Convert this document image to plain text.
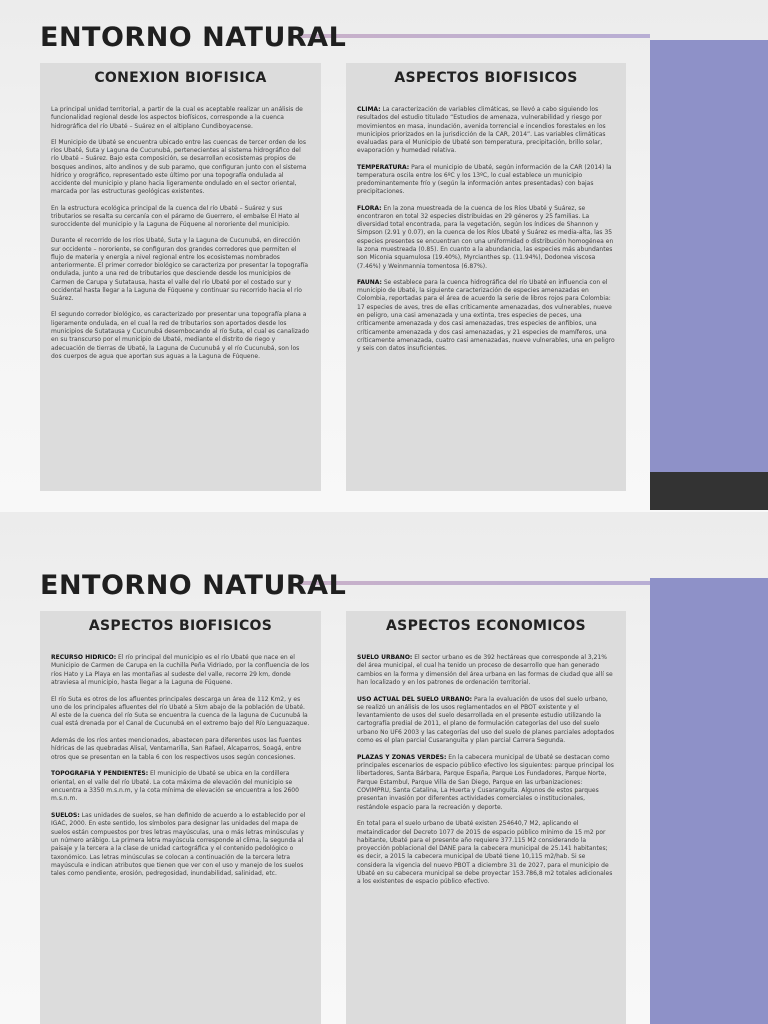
ENTORNO NATURAL
CONEXION BIOFISICA

La principal unidad territorial, a partir de la cual es aceptable realizar un análisis de funcionalidad regional desde los aspectos biofísicos, corresponde a la cuenca hidrográfica del río Ubaté – Suárez en el altiplano Cundiboyacense.

El Municipio de Ubaté se encuentra ubicado entre las cuencas de tercer orden de los ríos Ubaté, Suta y Laguna de Cucunubá, pertenecientes al sistema hidrográfico del río Ubaté – Suárez. Bajo esta composición, se desarrollan ecosistemas propios de bosques andinos, alto andinos y de sub paramo, que configuran junto con el sistema hídrico y orográfico, representado este último por una topografía ondulada al accidente del municipio y plano hacia ligeramente ondulado en el sector oriental, marcada por las estructuras geológicas existentes.

En la estructura ecológica principal de la cuenca del río Ubaté – Suárez y sus tributarios se resalta su cercanía con el páramo de Guerrero, el embalse El Hato al suroccidente del municipio y la Laguna de Fúquene al nororiente del municipio.

Durante el recorrido de los ríos Ubaté, Suta y la Laguna de Cucunubá, en dirección sur occidente – nororiente, se configuran dos grandes corredores que permiten el flujo de materia y energía a nivel regional entre los ecosistemas nombrados anteriormente. El primer corredor biológico se caracteriza por presentar la topografía ondulada, junto a una red de tributarios que desciende desde los municipios de Carmen de Carupa y Sutatausa, hasta el valle del río Ubaté por el costado sur y occidental hasta llegar a la Laguna de Fúquene y continuar su recorrido hacia el río Suárez.

El segundo corredor biológico, es caracterizado por presentar una topografía plana a ligeramente ondulada, en el cual la red de tributarios son aportados desde los municipios de Sutatausa y Cucunubá desembocando al río Suta, el cual es canalizado en su transcurso por el municipio de Ubaté, mediante el distrito de riego y adecuación de tierras de Ubaté, la Laguna de Cucunubá y el río Cucunubá, son los dos cuerpos de agua que aportan sus aguas a la Laguna de Fúquene.

ASPECTOS BIOFISICOS

CLIMA: La caracterización de variables climáticas, se llevó a cabo siguiendo los resultados del estudio titulado “Estudios de amenaza, vulnerabilidad y riesgo por movimientos en masa, inundación, avenida torrencial e incendios forestales en los municipios priorizados en la jurisdicción de la CAR, 2014”. Las variables climáticas evaluadas para el Municipio de Ubaté son temperatura, precipitación, brillo solar, evaporación y humedad relativa.

TEMPERATURA: Para el municipio de Ubaté, según información de la CAR (2014) la temperatura oscila entre los 6ºC y los 13ºC, lo cual establece un municipio predominantemente frío y (según la información antes presentadas) con bajas precipitaciones.

FLORA: En la zona muestreada de la cuenca de los Ríos Ubaté y Suárez, se encontraron en total 32 especies distribuidas en 29 géneros y 25 familias. La diversidad total encontrada, para la vegetación, según los índices de Shannon y Simpson (2.91 y 0.07), en la cuenca de los Ríos Ubaté y Suárez es media-alta, las 35 especies presentes se encuentran con una uniformidad o distribución homogénea en la zona muestreada (0.85). En cuanto a la abundancia, las especies más abundantes son Miconia squamulosa (19.40%), Myrcianthes sp. (11.94%), Dodonea viscosa (7.46%) y Weinmannia tomentosa (6.87%).

FAUNA: Se establece para la cuenca hidrográfica del río Ubaté en influencia con el municipio de Ubaté, la siguiente caracterización de especies amenazadas en Colombia, reportadas para el área de acuerdo la serie de libros rojos para Colombia: 17 especies de aves, tres de ellas críticamente amenazadas, dos vulnerables, nueve en peligro, una casi amenazada y una extinta, tres especies de peces, una críticamente amenazada y dos casi amenazadas, tres especies de anfibios, una críticamente amenazada y dos casi amenazadas, y 21 especies de mamíferos, una críticamente amenazada, cuatro casi amenazadas, nueve vulnerables, una en peligro y seis con datos insuficientes.

ENTORNO NATURAL
ASPECTOS BIOFISICOS

RECURSO HIDRICO: El río principal del municipio es el río Ubaté que nace en el Municipio de Carmen de Carupa en la cuchilla Peña Vidriado, por la confluencia de los ríos Hato y La Playa en las montañas al sudeste del valle, recorre 29 km, donde atraviesa al municipio, hasta llegar a la Laguna de Fúquene.

El río Suta es otros de los afluentes principales descarga un área de 112 Km2, y es uno de los principales afluentes del río Ubaté a 5km abajo de la población de Ubaté. Al este de la cuenca del río Suta se encuentra la cuenca de la laguna de Cucunubá la cual está drenada por el Canal de Cucunubá en el extremo bajo del Río Lenguazaque.

Además de los ríos antes mencionados, abastecen para diferentes usos las fuentes hídricas de las quebradas Alisal, Ventamarilla, San Rafael, Alcaparros, Soagá, entre otros que se presentan en la tabla 6 con los respectivos usos según concesiones.

TOPOGRAFIA Y PENDIENTES: El municipio de Ubaté se ubica en la cordillera oriental, en el valle del río Ubaté. La cota máxima de elevación del municipio se encuentra a 3350 m.s.n.m, y la cota mínima de elevación se encuentra a los 2600 m.s.n.m.

SUELOS: Las unidades de suelos, se han definido de acuerdo a lo establecido por el IGAC, 2000. En este sentido, los símbolos para designar las unidades del mapa de suelos están compuestos por tres letras mayúsculas, una o más letras minúsculas y un número arábigo. La primera letra mayúscula corresponde al clima, la segunda al paisaje y la tercera a la clase de unidad cartográfica y el contenido pedológico o taxonómico. Las letras minúsculas se colocan a continuación de la tercera letra mayúscula e indican atributos que tienen que ver con el uso y manejo de los suelos tales como pendiente, erosión, pedregosidad, inundabilidad, salinidad, etc.

ASPECTOS ECONOMICOS

SUELO URBANO: El sector urbano es de 392 hectáreas que corresponde al 3,21% del área municipal, el cual ha tenido un proceso de desarrollo que han generado cambios en la forma y dimensión del área urbana en las formas de ciudad que allí se han localizado y en los patrones de ordenación territorial.

USO ACTUAL DEL SUELO URBANO: Para la evaluación de usos del suelo urbano, se realizó un análisis de los usos reglamentados en el PBOT existente y el levantamiento de usos del suelo desarrollada en el presente estudio utilizando la cartografía predial de 2011, el plano de formulación categorías del uso del suelo urbano No UF6 2003 y las categorías del uso del suelo de planes parciales adoptados como es el plan parcial Cusaranguita y plan parcial Carrera Segunda.

PLAZAS Y ZONAS VERDES: En la cabecera municipal de Ubaté se destacan como principales escenarios de espacio público efectivo los siguientes: parque principal los libertadores, Santa Bárbara, Parque España, Parque Los Fundadores, Parque Norte, Parque Estambul, Parque Villa de San Diego, Parque en las urbanizaciones: COVIMPRU, Santa Catalina, La Huerta y Cusaranguita. Algunos de estos parques presentan invasión por diferentes actividades comerciales o institucionales, restándole espacio para la recreación y deporte.

En total para el suelo urbano de Ubaté existen 254640,7 M2, aplicando el metaindicador del Decreto 1077 de 2015 de espacio público mínimo de 15 m2 por habitante, Ubaté para el presente año requiere 377.115 M2 considerando la proyección poblacional del DANE para la cabecera municipal de 25.141 habitantes; es decir, a 2015 la cabecera municipal de Ubaté tiene 10,115 m2/hab. Si se considera la vigencia del nuevo PBOT a diciembre 31 de 2027, para el municipio de Ubaté en su cabecera municipal se debe proyectar 153.786,8 m2 totales adicionales a los existentes de espacio público efectivo.
